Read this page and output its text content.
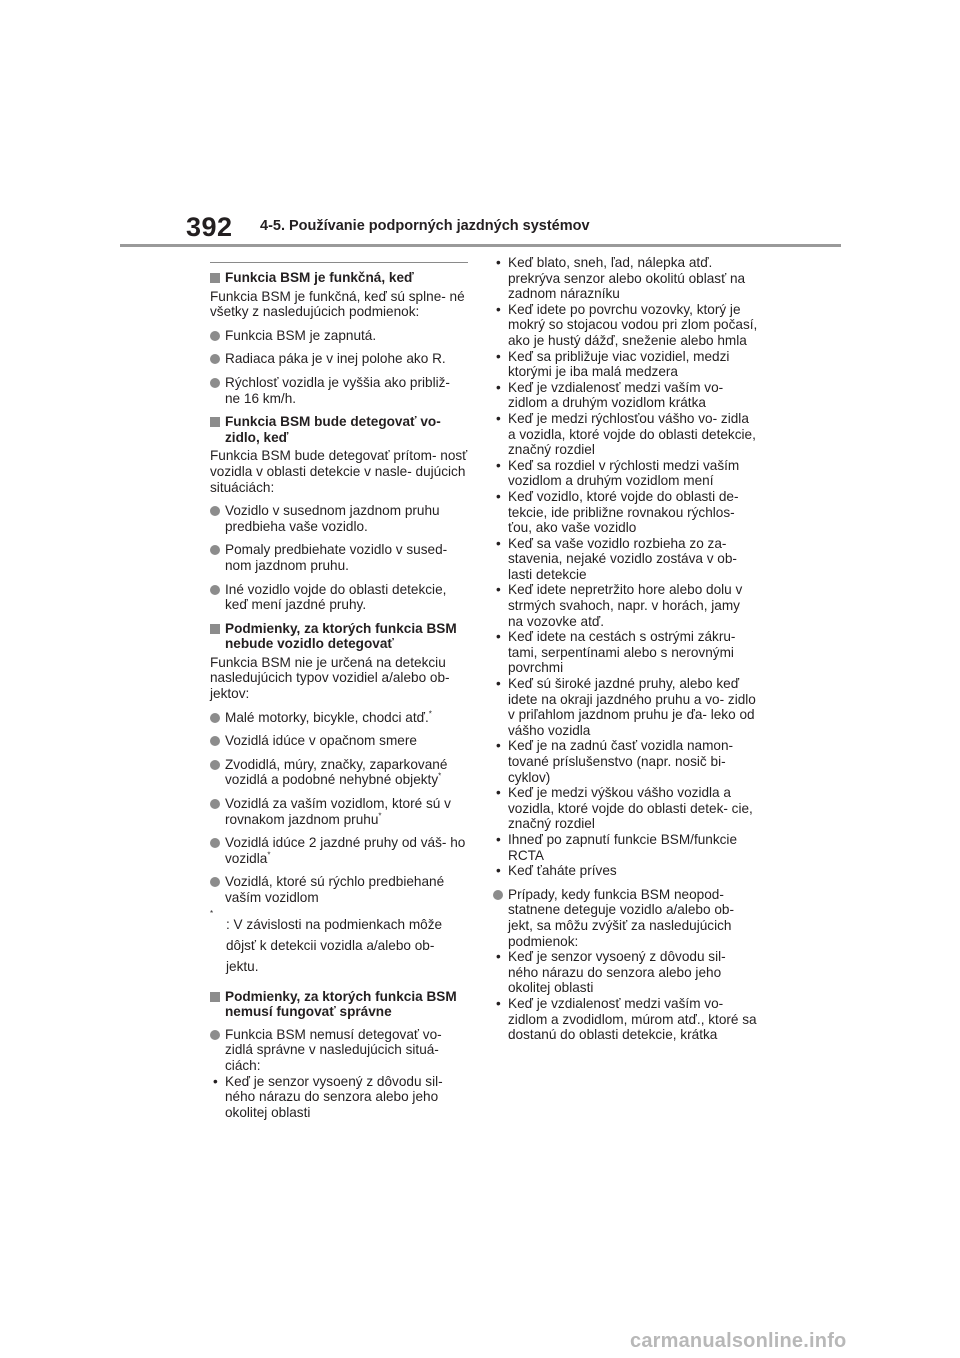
392 4-5. Používanie podporných jazdných systémov
Funkcia BSM je funkčná, keď
Funkcia BSM je funkčná, keď sú splne- né všetky z nasledujúcich podmienok:
Funkcia BSM je zapnutá.
Radiaca páka je v inej polohe ako R.
Rýchlosť vozidla je vyššia ako približ- ne 16 km/h.
Funkcia BSM bude detegovať vo- zidlo, keď
Funkcia BSM bude detegovať prítom- nosť vozidla v oblasti detekcie v nasle- dujúcich situáciách:
Vozidlo v susednom jazdnom pruhu predbieha vaše vozidlo.
Pomaly predbiehate vozidlo v sused- nom jazdnom pruhu.
Iné vozidlo vojde do oblasti detekcie, keď mení jazdné pruhy.
Podmienky, za ktorých funkcia BSM nebude vozidlo detegovať
Funkcia BSM nie je určená na detekciu nasledujúcich typov vozidiel a/alebo ob- jektov:
Malé motorky, bicykle, chodci atď.*
Vozidlá idúce v opačnom smere
Zvodidlá, múry, značky, zaparkované vozidlá a podobné nehybné objekty*
Vozidlá za vaším vozidlom, ktoré sú v rovnakom jazdnom pruhu*
Vozidlá idúce 2 jazdné pruhy od váš- ho vozidla*
Vozidlá, ktoré sú rýchlo predbiehané vaším vozidlom
*
: V závislosti na podmienkach môže dôjsť k detekcii vozidla a/alebo ob- jektu.
Podmienky, za ktorých funkcia BSM nemusí fungovať správne
Funkcia BSM nemusí detegovať vo- zidlá správne v nasledujúcich situá- ciách:
• Keď je senzor vysoený z dôvodu sil- ného nárazu do senzora alebo jeho okolitej oblasti
• Keď blato, sneh, ľad, nálepka atď. prekrýva senzor alebo okolitú oblasť na zadnom nárazníku
• Keď idete po povrchu vozovky, ktorý je mokrý so stojacou vodou pri zlom počasí, ako je hustý dážď, sneženie alebo hmla
• Keď sa približuje viac vozidiel, medzi ktorými je iba malá medzera
• Keď je vzdialenosť medzi vaším vo- zidlom a druhým vozidlom krátka
• Keď je medzi rýchlosťou vášho vo- zidla a vozidla, ktoré vojde do oblasti detekcie, značný rozdiel
• Keď sa rozdiel v rýchlosti medzi vaším vozidlom a druhým vozidlom mení
• Keď vozidlo, ktoré vojde do oblasti de- tekcie, ide približne rovnakou rýchlos- ťou, ako vaše vozidlo
• Keď sa vaše vozidlo rozbieha zo za- stavenia, nejaké vozidlo zostáva v ob- lasti detekcie
• Keď idete nepretržito hore alebo dolu v strmých svahoch, napr. v horách, jamy na vozovke atď.
• Keď idete na cestách s ostrými zákru- tami, serpentínami alebo s nerovnými povrchmi
• Keď sú široké jazdné pruhy, alebo keď idete na okraji jazdného pruhu a vo- zidlo v priľahlom jazdnom pruhu je ďa- leko od vášho vozidla
• Keď je na zadnú časť vozidla namon- tované príslušenstvo (napr. nosič bi- cyklov)
• Keď je medzi výškou vášho vozidla a vozidla, ktoré vojde do oblasti detek- cie, značný rozdiel
• Ihneď po zapnutí funkcie BSM/funkcie RCTA
• Keď ťaháte príves
Prípady, kedy funkcia BSM neopod- statnene deteguje vozidlo a/alebo ob- jekt, sa môžu zvýšiť za nasledujúcich podmienok:
• Keď je senzor vysoený z dôvodu sil- ného nárazu do senzora alebo jeho okolitej oblasti
• Keď je vzdialenosť medzi vaším vo- zidlom a zvodidlom, múrom atď., ktoré sa dostanú do oblasti detekcie, krátka
carmanualsonline.info
